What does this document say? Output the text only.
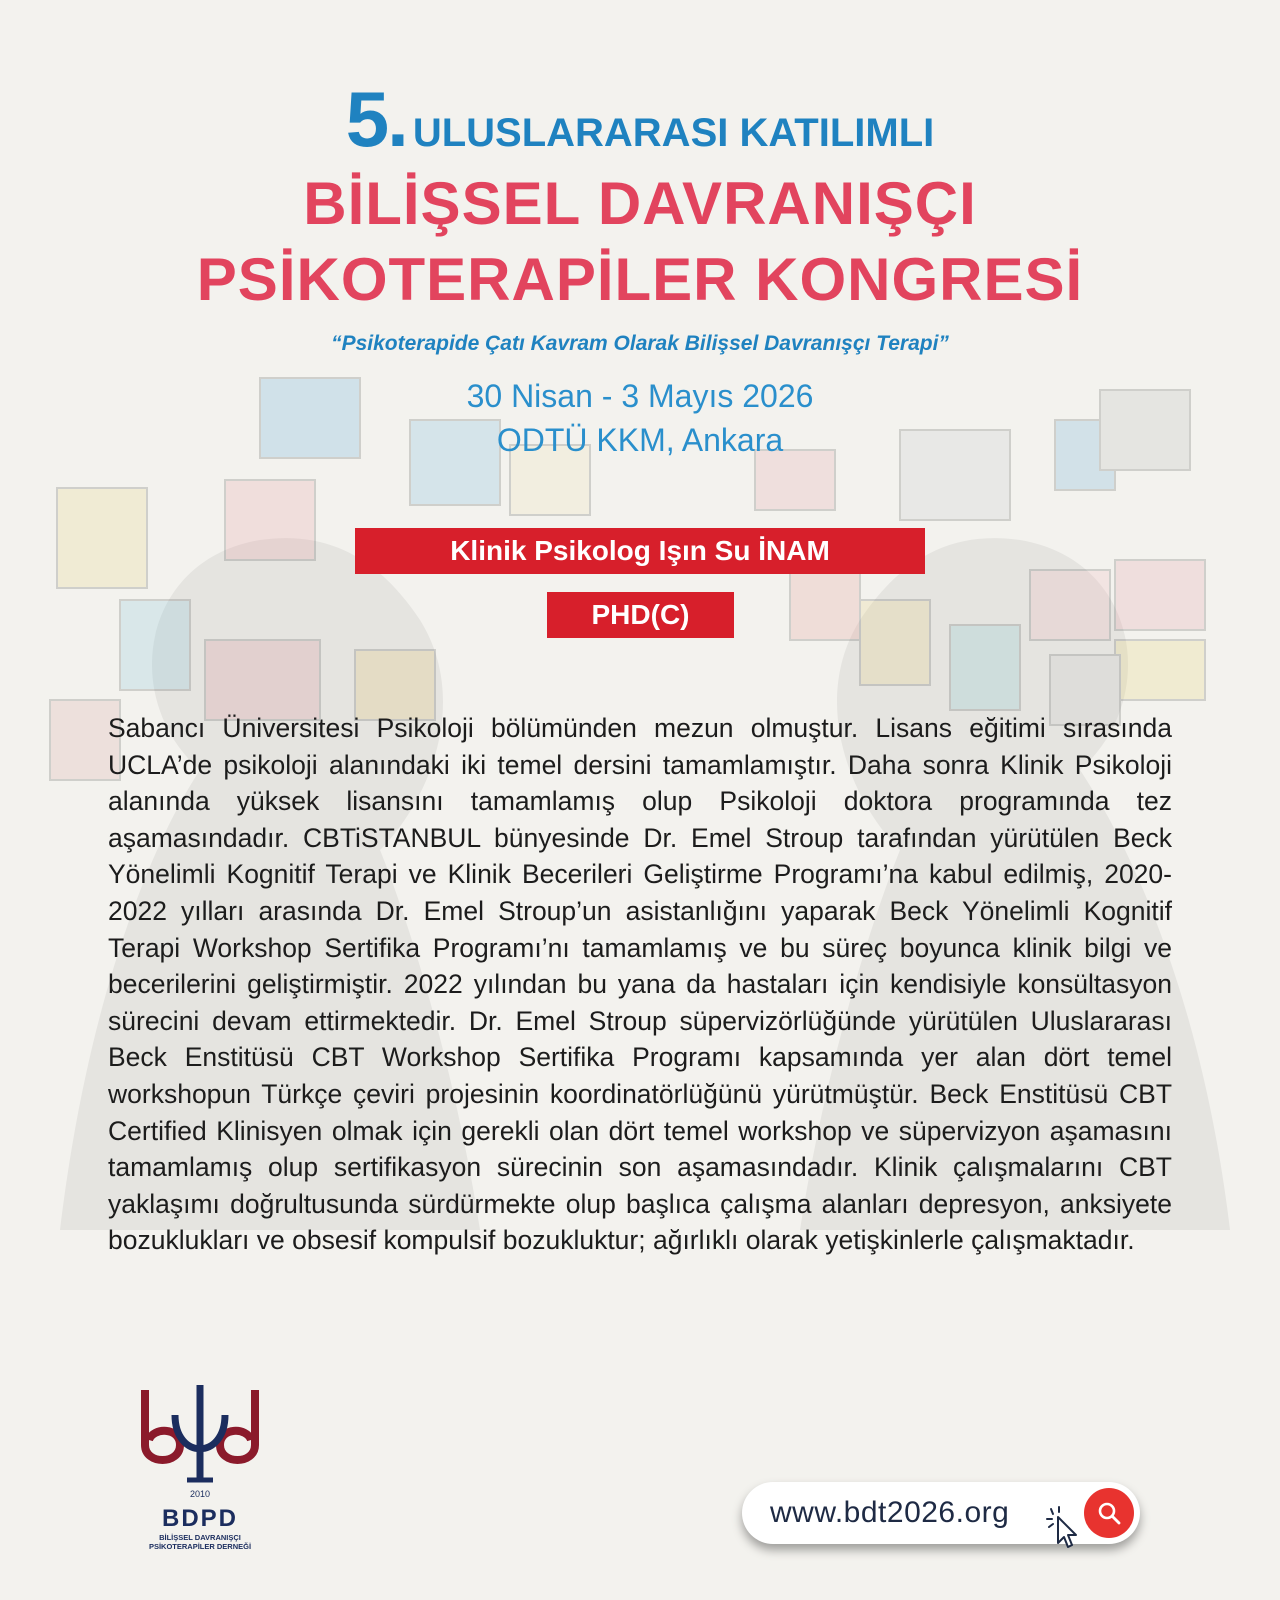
5. ULUSLARARASI KATILIMLI
BİLİŞSEL DAVRANIŞÇI
PSİKOTERAPİLER KONGRESİ
“Psikoterapide Çatı Kavram Olarak Bilişsel Davranışçı Terapi”
30 Nisan - 3 Mayıs 2026
ODTÜ KKM, Ankara
Klinik Psikolog Işın Su İNAM
PHD(C)

Sabancı Üniversitesi Psikoloji bölümünden mezun olmuştur. Lisans eğitimi sırasında UCLA’de psikoloji alanındaki iki temel dersini tamamlamıştır. Daha sonra Klinik Psikoloji alanında yüksek lisansını tamamlamış olup Psikoloji doktora programında tez aşamasındadır. CBTiSTANBUL bünyesinde Dr. Emel Stroup tarafından yürütülen Beck Yönelimli Kognitif Terapi ve Klinik Becerileri Geliştirme Programı’na kabul edilmiş, 2020-2022 yılları arasında Dr. Emel Stroup’un asistanlığını yaparak Beck Yönelimli Kognitif Terapi Workshop Sertifika Programı’nı tamamlamış ve bu süreç boyunca klinik bilgi ve becerilerini geliştirmiştir. 2022 yılından bu yana da hastaları için kendisiyle konsültasyon sürecini devam ettirmektedir. Dr. Emel Stroup süpervizörlüğünde yürütülen Uluslararası Beck Enstitüsü CBT Workshop Sertifika Programı kapsamında yer alan dört temel workshopun Türkçe çeviri projesinin koordinatörlüğünü yürütmüştür. Beck Enstitüsü CBT Certified Klinisyen olmak için gerekli olan dört temel workshop ve süpervizyon aşamasını tamamlamış olup sertifikasyon sürecinin son aşamasındadır. Klinik çalışmalarını CBT yaklaşımı doğrultusunda sürdürmekte olup başlıca çalışma alanları depresyon, anksiyete bozuklukları ve obsesif kompulsif bozukluktur; ağırlıklı olarak yetişkinlerle çalışmaktadır.

2010
BDPD
BİLİŞSEL DAVRANIŞÇI
PSİKOTERAPİLER DERNEĞİ
www.bdt2026.org
